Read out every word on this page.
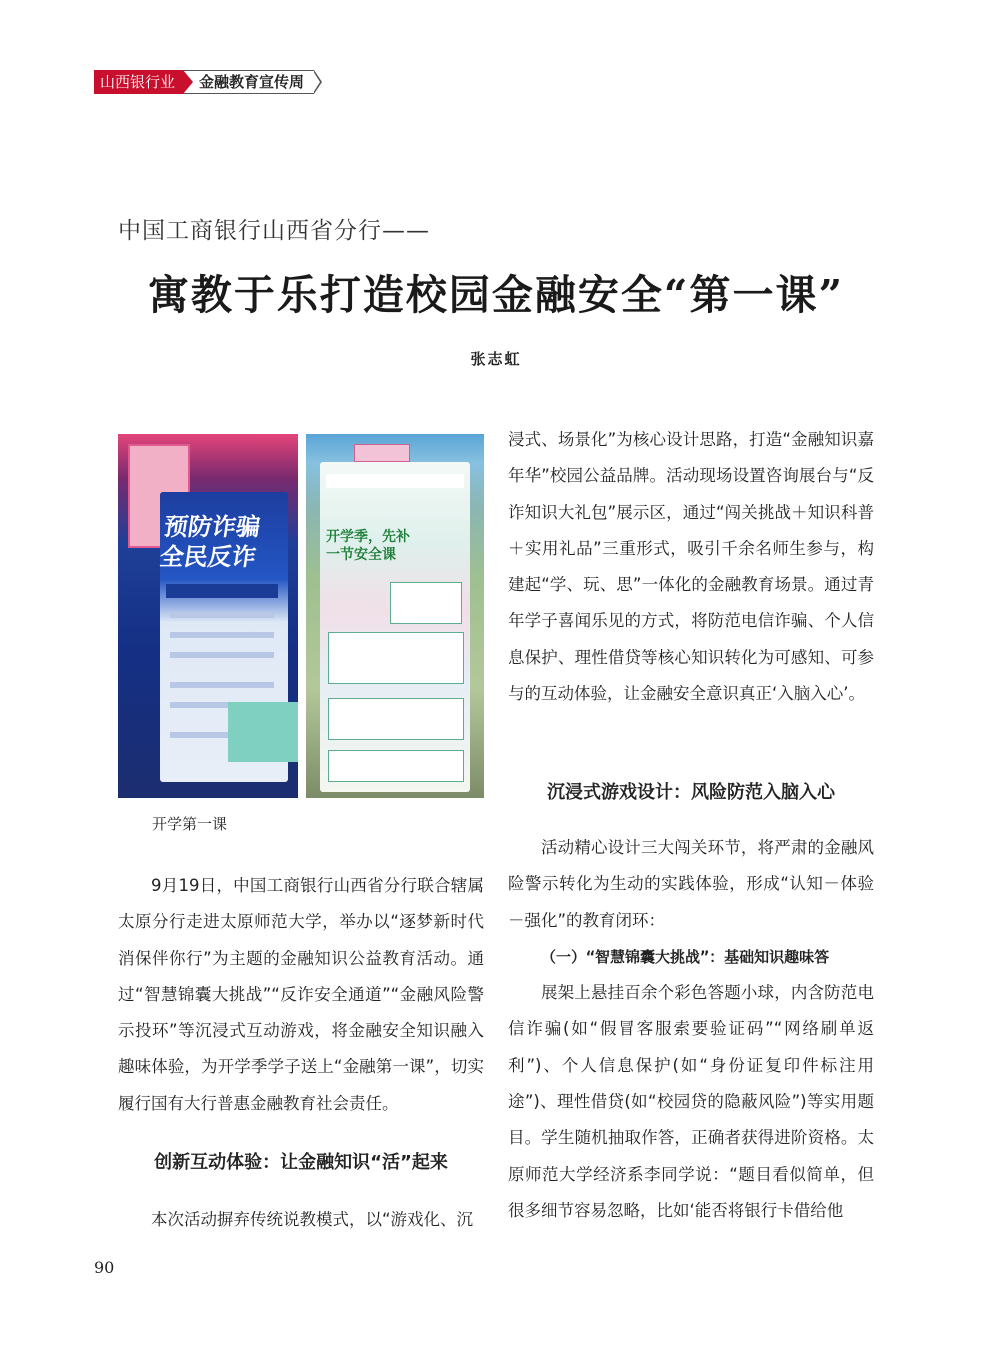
山西银行业	金融教育宣传周
中国工商银行山西省分行——
寓教于乐打造校园金融安全“第一课”
张志虹
预防诈骗 全民反诈
开学季，先补一节安全课
开学第一课

9月19日，中国工商银行山西省分行联合辖属太原分行走进太原师范大学，举办以“逐梦新时代 消保伴你行”为主题的金融知识公益教育活动。通过“智慧锦囊大挑战”“反诈安全通道”“金融风险警示投环”等沉浸式互动游戏，将金融安全知识融入趣味体验，为开学季学子送上“金融第一课”，切实履行国有大行普惠金融教育社会责任。

创新互动体验：让金融知识“活”起来

本次活动摒弃传统说教模式，以“游戏化、沉

浸式、场景化”为核心设计思路，打造“金融知识嘉年华”校园公益品牌。活动现场设置咨询展台与“反诈知识大礼包”展示区，通过“闯关挑战＋知识科普＋实用礼品”三重形式，吸引千余名师生参与，构建起“学、玩、思”一体化的金融教育场景。通过青年学子喜闻乐见的方式，将防范电信诈骗、个人信息保护、理性借贷等核心知识转化为可感知、可参与的互动体验，让金融安全意识真正‘入脑入心’。

沉浸式游戏设计：风险防范入脑入心

活动精心设计三大闯关环节，将严肃的金融风险警示转化为生动的实践体验，形成“认知－体验－强化”的教育闭环：

（一）“智慧锦囊大挑战”：基础知识趣味答

展架上悬挂百余个彩色答题小球，内含防范电信诈骗(如“假冒客服索要验证码”“网络刷单返利”)、个人信息保护(如“身份证复印件标注用途”)、理性借贷(如“校园贷的隐蔽风险”)等实用题目。学生随机抽取作答，正确者获得进阶资格。太原师范大学经济系李同学说：“题目看似简单，但很多细节容易忽略，比如‘能否将银行卡借给他

90
